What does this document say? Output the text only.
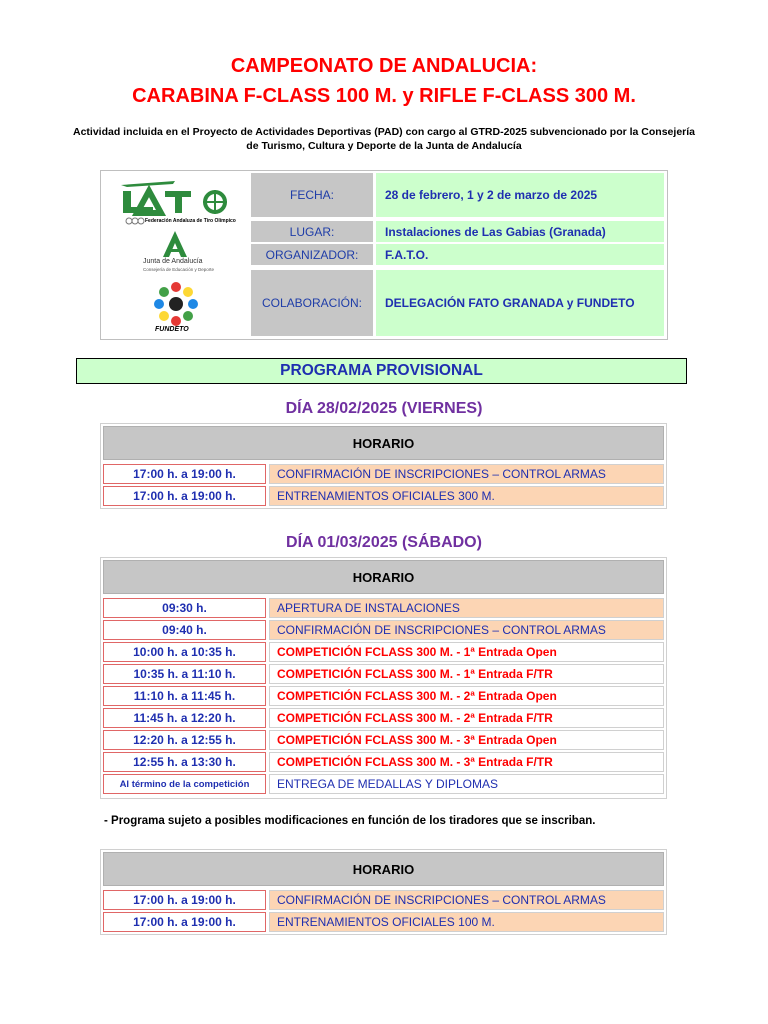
CAMPEONATO DE ANDALUCIA:
CARABINA F-CLASS 100 M. y RIFLE F-CLASS 300 M.
Actividad incluida en el Proyecto de Actividades Deportivas (PAD) con cargo al GTRD-2025 subvencionado por la Consejería
de Turismo, Cultura y Deporte de la Junta de Andalucía
Federación Andaluza de Tiro Olímpico
Junta de Andalucía
Consejería de Educación y Deporte
FUNDETO
FECHA:	28 de febrero, 1 y 2 de marzo de 2025
LUGAR:	Instalaciones de Las Gabias (Granada)
ORGANIZADOR:	F.A.T.O.
COLABORACIÓN:	DELEGACIÓN FATO GRANADA y FUNDETO
PROGRAMA PROVISIONAL
DÍA 28/02/2025 (VIERNES)
HORARIO
17:00 h. a 19:00 h.	CONFIRMACIÓN DE INSCRIPCIONES – CONTROL ARMAS
17:00 h. a 19:00 h.	ENTRENAMIENTOS OFICIALES 300 M.
DÍA 01/03/2025 (SÁBADO)
HORARIO
09:30 h.	APERTURA DE INSTALACIONES
09:40 h.	CONFIRMACIÓN DE INSCRIPCIONES – CONTROL ARMAS
10:00 h. a 10:35 h.	COMPETICIÓN FCLASS 300 M. - 1ª Entrada Open
10:35 h. a 11:10 h.	COMPETICIÓN FCLASS 300 M. - 1ª Entrada F/TR
11:10 h. a 11:45 h.	COMPETICIÓN FCLASS 300 M. - 2ª Entrada Open
11:45 h. a 12:20 h.	COMPETICIÓN FCLASS 300 M. - 2ª Entrada F/TR
12:20 h. a 12:55 h.	COMPETICIÓN FCLASS 300 M. - 3ª Entrada Open
12:55 h. a 13:30 h.	COMPETICIÓN FCLASS 300 M. - 3ª Entrada F/TR
Al término de la competición	ENTREGA DE MEDALLAS Y DIPLOMAS
- Programa sujeto a posibles modificaciones en función de los tiradores que se inscriban.
HORARIO
17:00 h. a 19:00 h.	CONFIRMACIÓN DE INSCRIPCIONES – CONTROL ARMAS
17:00 h. a 19:00 h.	ENTRENAMIENTOS OFICIALES 100 M.
